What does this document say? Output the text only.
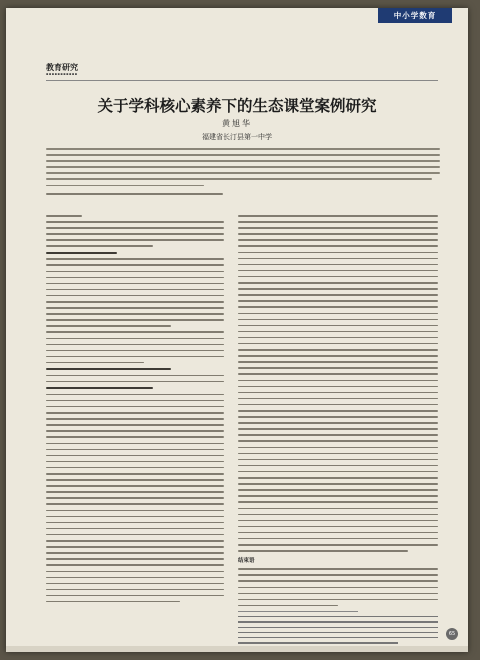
中小学数育
教育研究
▪▪▪▪▪▪▪▪▪▪▪
关于学科核心素养下的生态课堂案例研究
黄旭华
福建省长汀县第一中学
结束语
65
